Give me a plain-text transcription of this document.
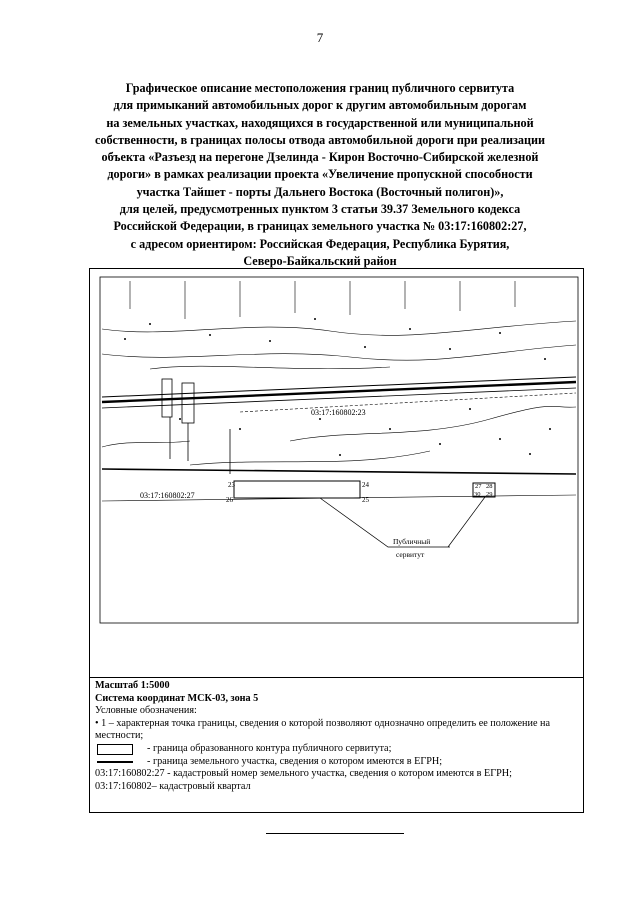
7
Графическое описание местоположения границ публичного сервитута
для примыканий автомобильных дорог к другим автомобильным дорогам
на земельных участках, находящихся в государственной или муниципальной
собственности, в границах полосы отвода автомобильной дороги при реализации
объекта «Разъезд на перегоне Дзелинда - Кирон Восточно-Сибирской железной
дороги» в рамках реализации проекта «Увеличение пропускной способности
участка Тайшет - порты Дальнего Востока (Восточный полигон)»,
для целей, предусмотренных пунктом 3 статьи 39.37 Земельного кодекса
Российской Федерации, в границах земельного участка № 03:17:160802:27,
с адресом ориентиром: Российская Федерация, Республика Бурятия,
Северо-Байкальский район
03:17:160802:23
03:17:160802:27
Публичный
сервитут
23	24
25
26
27 28
29
30
Масштаб 1:5000
Система координат МСК-03, зона 5
Условные обозначения:
• 1 – характерная точка границы, сведения о которой позволяют однозначно определить ее положение на местности;
- граница образованного контура публичного сервитута;
- граница земельного участка, сведения о котором имеются в ЕГРН;
03:17:160802:27 - кадастровый номер земельного участка, сведения о котором имеются в ЕГРН;
03:17:160802– кадастровый квартал
